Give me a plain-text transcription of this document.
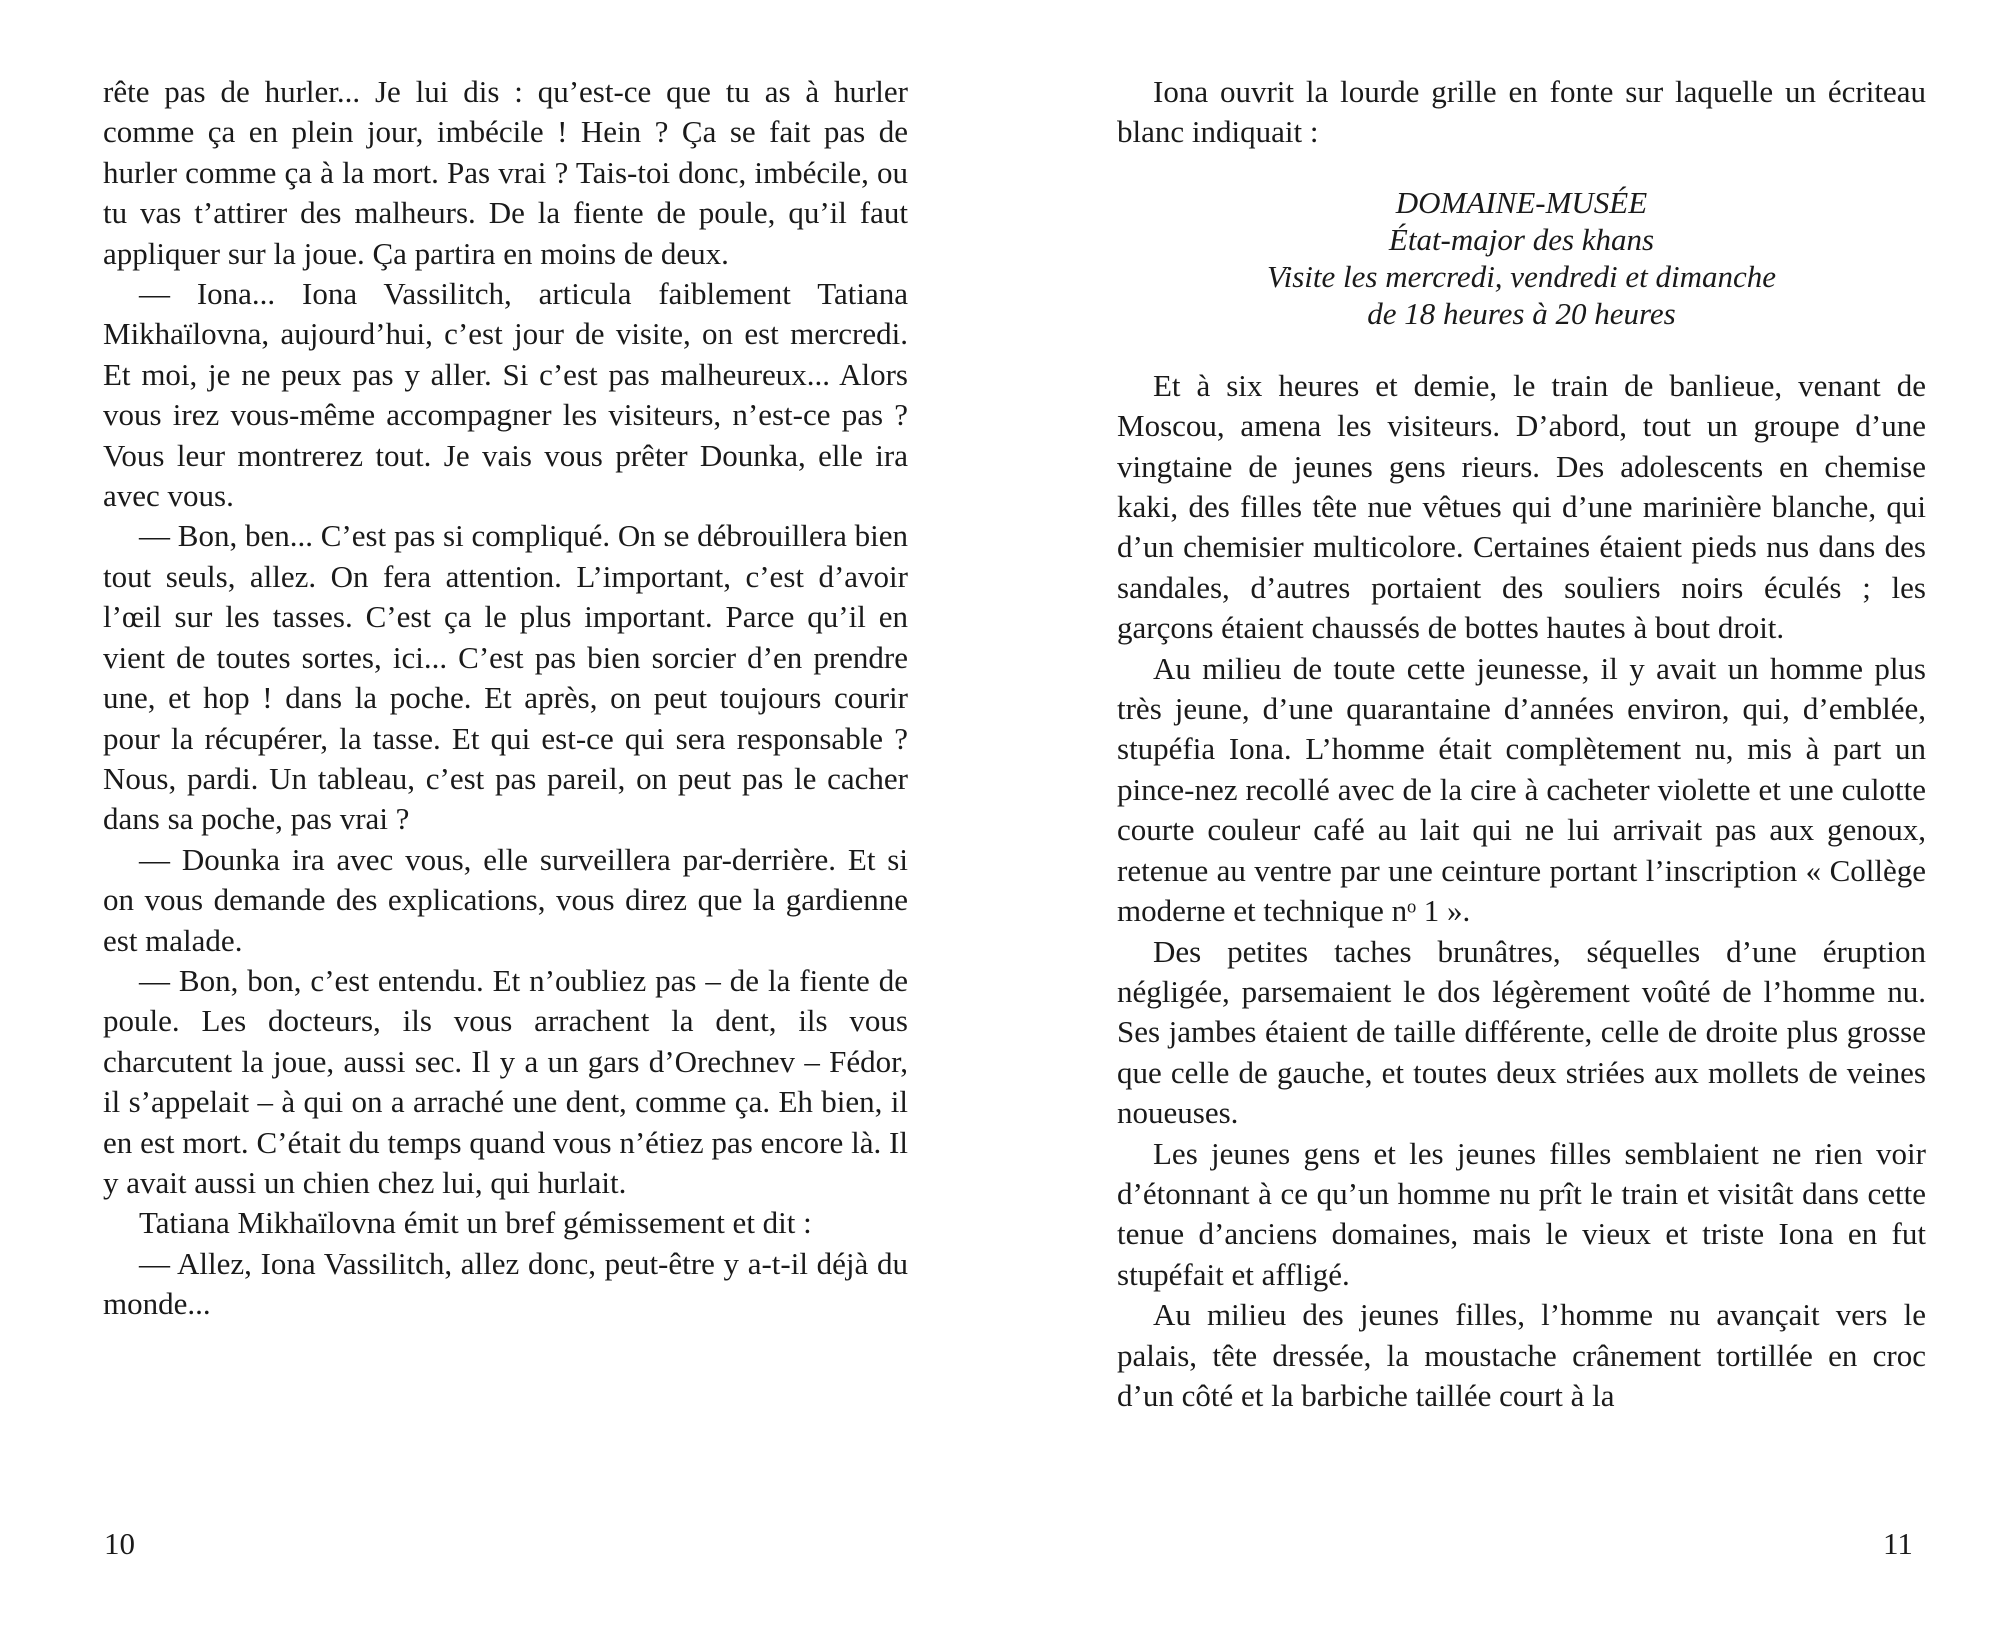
rête pas de hurler... Je lui dis : qu’est-ce que tu as à hurler comme ça en plein jour, imbécile ! Hein ? Ça se fait pas de hurler comme ça à la mort. Pas vrai ? Tais-toi donc, imbécile, ou tu vas t’attirer des malheurs. De la fiente de poule, qu’il faut appliquer sur la joue. Ça partira en moins de deux.

— Iona... Iona Vassilitch, articula faiblement Tatiana Mikhaïlovna, aujourd’hui, c’est jour de visite, on est mercredi. Et moi, je ne peux pas y aller. Si c’est pas malheureux... Alors vous irez vous-même accompagner les visiteurs, n’est-ce pas ? Vous leur montrerez tout. Je vais vous prêter Dounka, elle ira avec vous.

— Bon, ben... C’est pas si compliqué. On se débrouillera bien tout seuls, allez. On fera attention. L’important, c’est d’avoir l’œil sur les tasses. C’est ça le plus important. Parce qu’il en vient de toutes sortes, ici... C’est pas bien sorcier d’en prendre une, et hop ! dans la poche. Et après, on peut toujours courir pour la récupérer, la tasse. Et qui est-ce qui sera responsable ? Nous, pardi. Un tableau, c’est pas pareil, on peut pas le cacher dans sa poche, pas vrai ?

— Dounka ira avec vous, elle surveillera par-derrière. Et si on vous demande des explications, vous direz que la gardienne est malade.

— Bon, bon, c’est entendu. Et n’oubliez pas – de la fiente de poule. Les docteurs, ils vous arrachent la dent, ils vous charcutent la joue, aussi sec. Il y a un gars d’Orechnev – Fédor, il s’appelait – à qui on a arraché une dent, comme ça. Eh bien, il en est mort. C’était du temps quand vous n’étiez pas encore là. Il y avait aussi un chien chez lui, qui hurlait.

Tatiana Mikhaïlovna émit un bref gémissement et dit :

— Allez, Iona Vassilitch, allez donc, peut-être y a-t-il déjà du monde...

10

Iona ouvrit la lourde grille en fonte sur laquelle un écriteau blanc indiquait :

DOMAINE-MUSÉE
État-major des khans
Visite les mercredi, vendredi et dimanche
de 18 heures à 20 heures

Et à six heures et demie, le train de banlieue, venant de Moscou, amena les visiteurs. D’abord, tout un groupe d’une vingtaine de jeunes gens rieurs. Des adolescents en chemise kaki, des filles tête nue vêtues qui d’une marinière blanche, qui d’un chemisier multicolore. Certaines étaient pieds nus dans des sandales, d’autres portaient des souliers noirs éculés ; les garçons étaient chaussés de bottes hautes à bout droit.

Au milieu de toute cette jeunesse, il y avait un homme plus très jeune, d’une quarantaine d’années environ, qui, d’emblée, stupéfia Iona. L’homme était complètement nu, mis à part un pince-nez recollé avec de la cire à cacheter violette et une culotte courte couleur café au lait qui ne lui arrivait pas aux genoux, retenue au ventre par une ceinture portant l’inscription « Collège moderne et technique nᵒ 1 ».

Des petites taches brunâtres, séquelles d’une éruption négligée, parsemaient le dos légèrement voûté de l’homme nu. Ses jambes étaient de taille différente, celle de droite plus grosse que celle de gauche, et toutes deux striées aux mollets de veines noueuses.

Les jeunes gens et les jeunes filles semblaient ne rien voir d’étonnant à ce qu’un homme nu prît le train et visitât dans cette tenue d’anciens domaines, mais le vieux et triste Iona en fut stupéfait et affligé.

Au milieu des jeunes filles, l’homme nu avançait vers le palais, tête dressée, la moustache crânement tortillée en croc d’un côté et la barbiche taillée court à la

11
